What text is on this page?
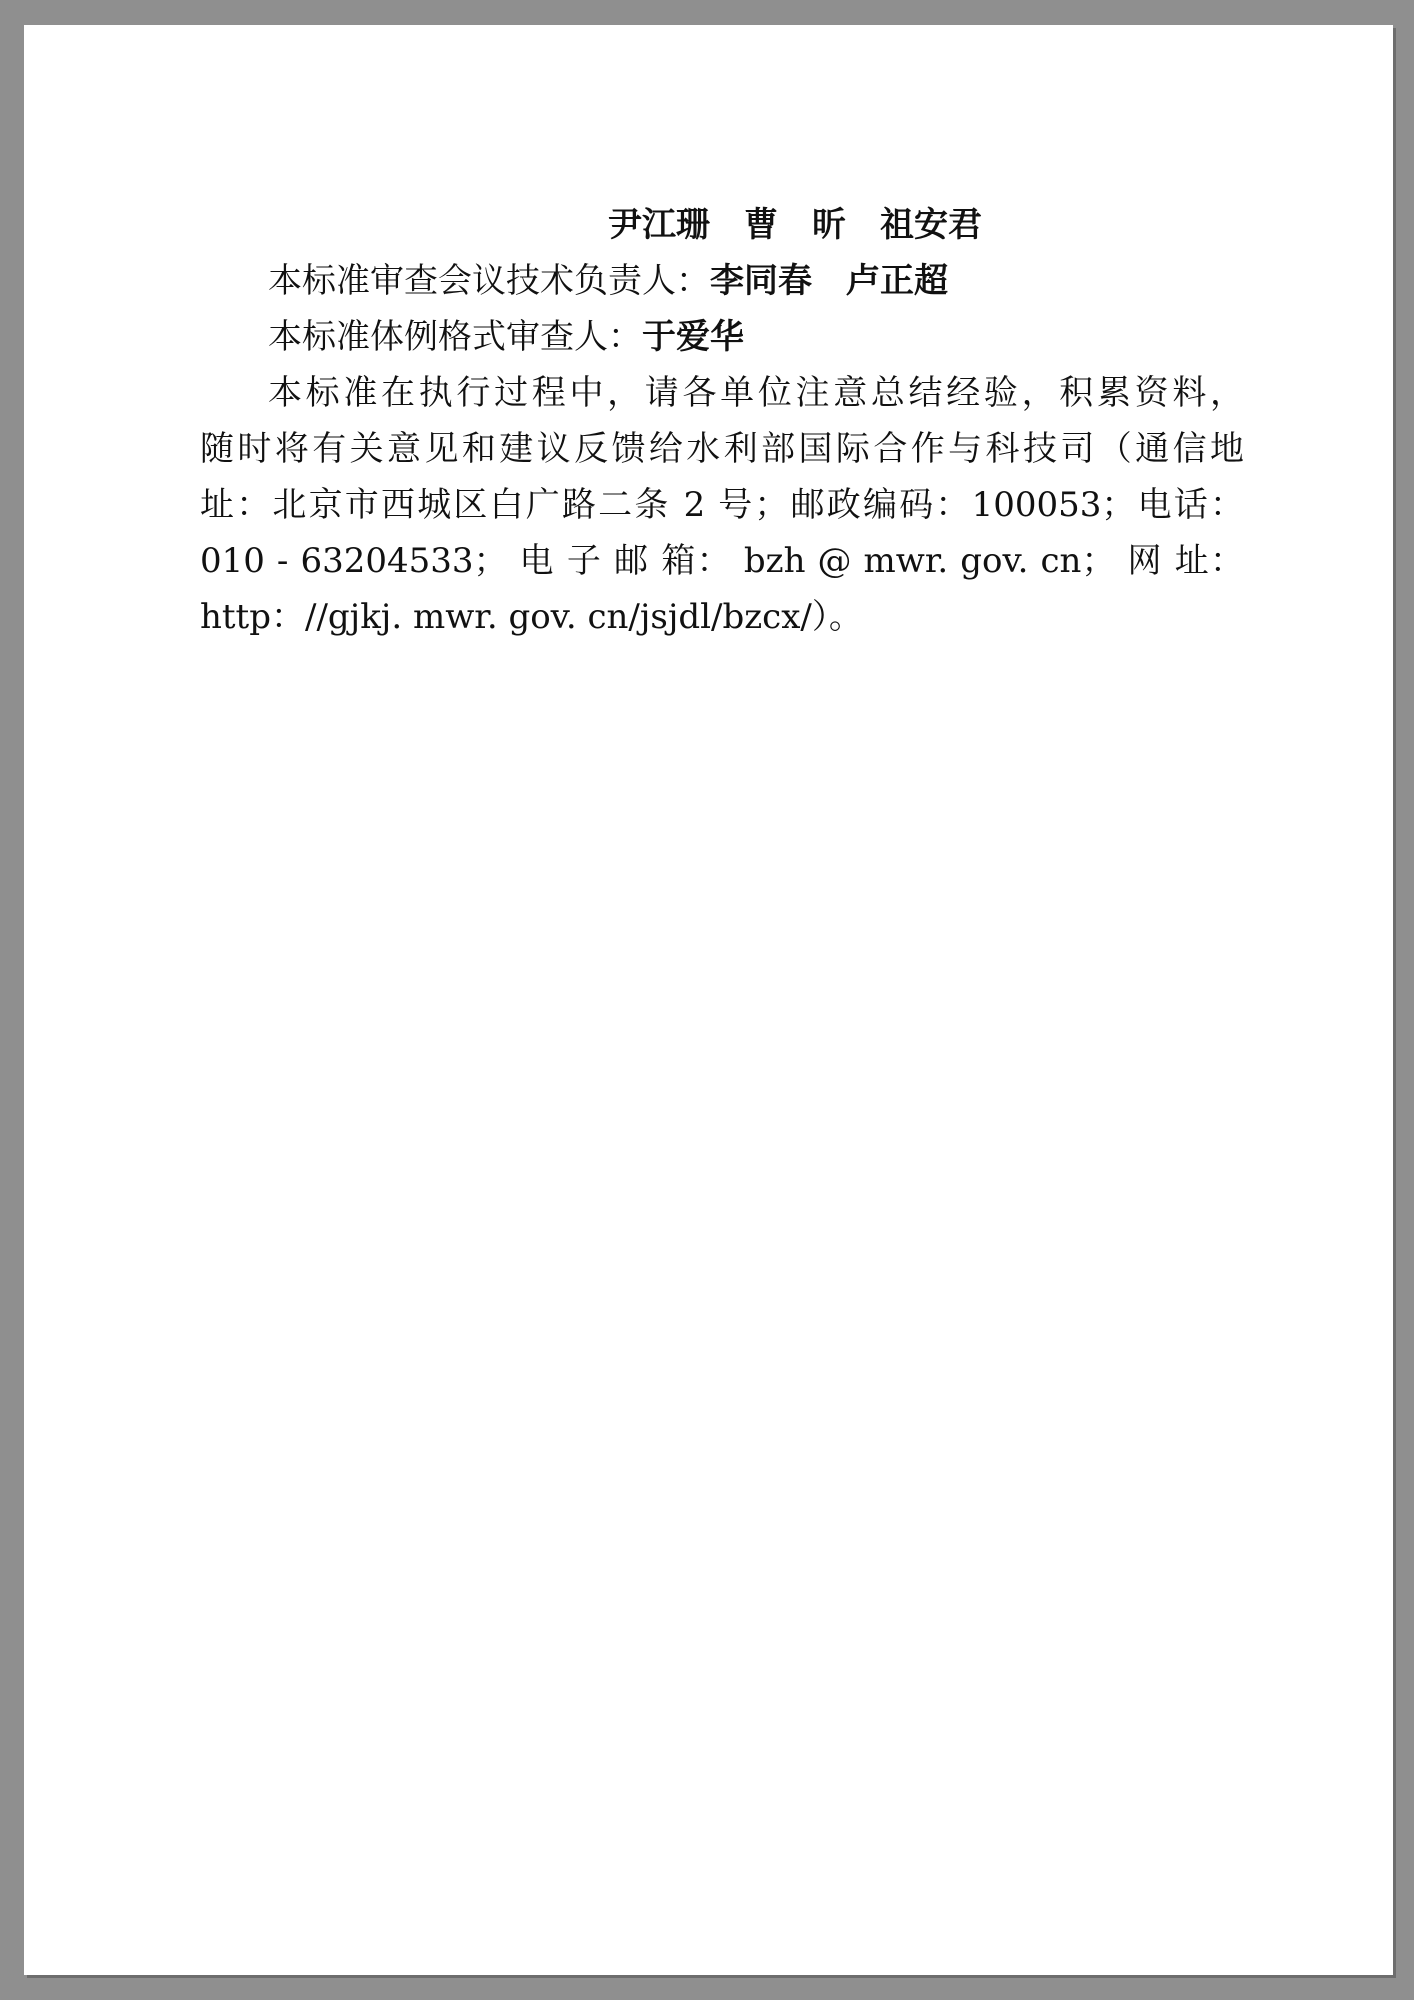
尹江珊 曹 昕 祖安君
本标准审查会议技术负责人：李同春 卢正超
本标准体例格式审查人：于爱华
本标准在执行过程中，请各单位注意总结经验，积累资料，
随时将有关意见和建议反馈给水利部国际合作与科技司（通信地
址：北京市西城区白广路二条 2 号；邮政编码：100053；电话：
010 - 63204533； 电 子 邮 箱： bzh @ mwr. gov. cn； 网 址：
http：//gjkj. mwr. gov. cn/jsjdl/bzcx/）。
